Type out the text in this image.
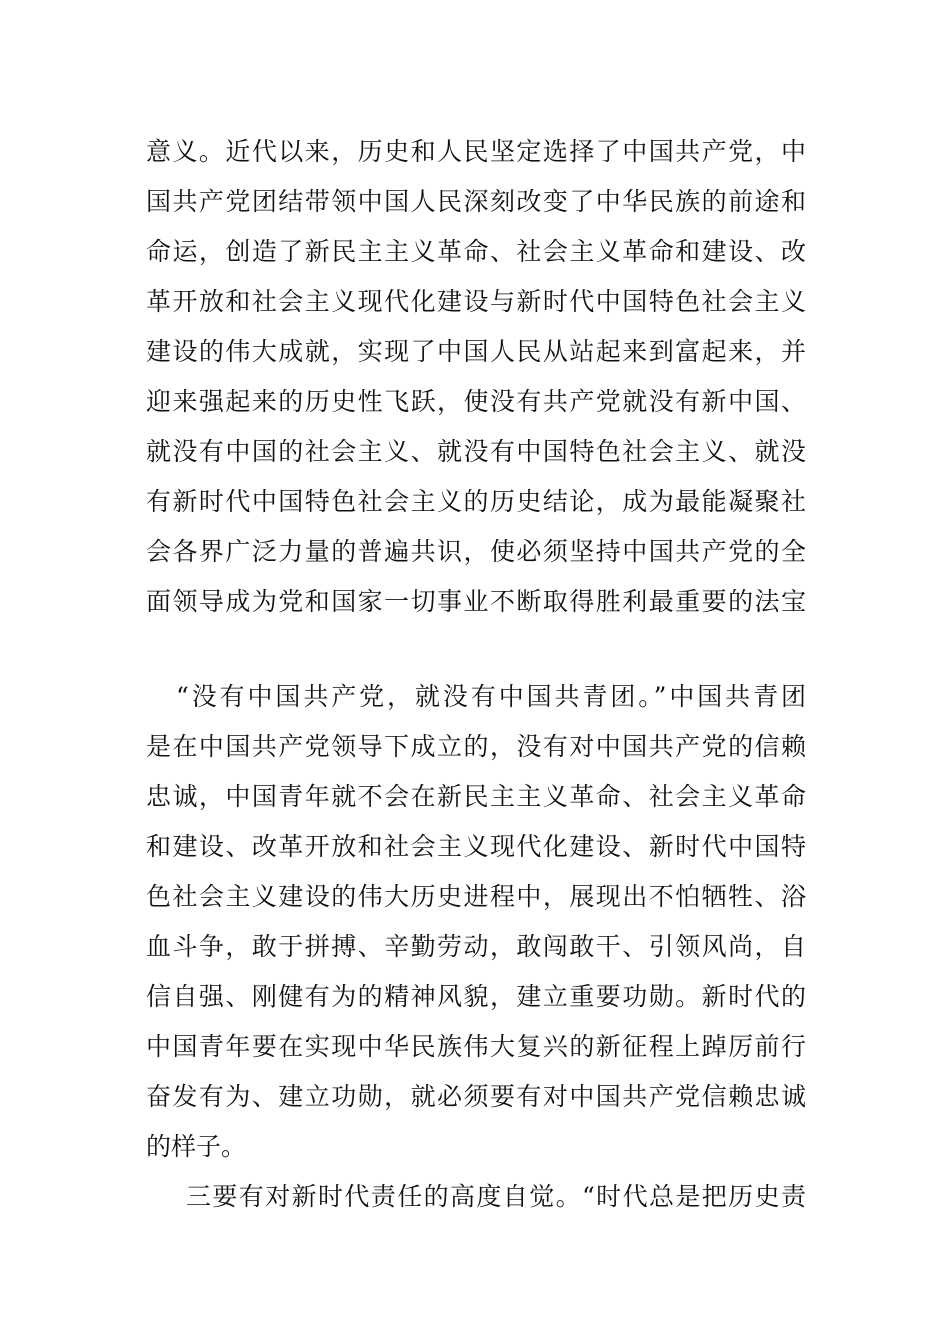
意义。近代以来，历史和人民坚定选择了中国共产党，中
国共产党团结带领中国人民深刻改变了中华民族的前途和
命运，创造了新民主主义革命、社会主义革命和建设、改
革开放和社会主义现代化建设与新时代中国特色社会主义
建设的伟大成就，实现了中国人民从站起来到富起来，并
迎来强起来的历史性飞跃，使没有共产党就没有新中国、
就没有中国的社会主义、就没有中国特色社会主义、就没
有新时代中国特色社会主义的历史结论，成为最能凝聚社
会各界广泛力量的普遍共识，使必须坚持中国共产党的全
面领导成为党和国家一切事业不断取得胜利最重要的法宝
“没有中国共产党，就没有中国共青团。”中国共青团
是在中国共产党领导下成立的，没有对中国共产党的信赖
忠诚，中国青年就不会在新民主主义革命、社会主义革命
和建设、改革开放和社会主义现代化建设、新时代中国特
色社会主义建设的伟大历史进程中，展现出不怕牺牲、浴
血斗争，敢于拼搏、辛勤劳动，敢闯敢干、引领风尚，自
信自强、刚健有为的精神风貌，建立重要功勋。新时代的
中国青年要在实现中华民族伟大复兴的新征程上踔厉前行
奋发有为、建立功勋，就必须要有对中国共产党信赖忠诚
的样子。
三要有对新时代责任的高度自觉。“时代总是把历史责
